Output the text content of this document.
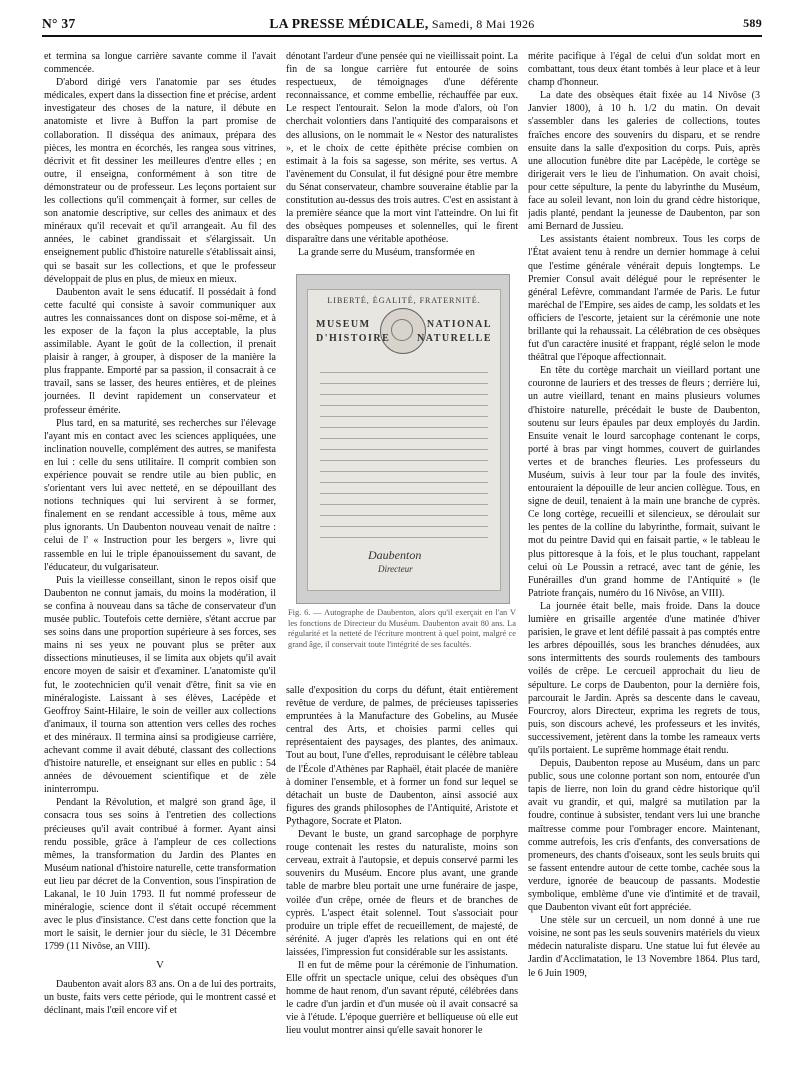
N° 37	LA PRESSE MÉDICALE, Samedi, 8 Mai 1926	589

et termina sa longue carrière savante comme il l'avait commencée.

D'abord dirigé vers l'anatomie par ses études médicales, expert dans la dissection fine et précise, ardent investigateur des choses de la nature, il débute en anatomiste et livre à Buffon la part promise de collaboration. Il disséqua des animaux, prépara des pièces, les montra en écorchés, les rangea sous vitrines, décrivit et fit dessiner les meilleures d'entre elles ; en outre, il enseigna, conformément à son titre de démonstrateur ou de professeur. Les leçons portaient sur les collections qu'il commençait à former, sur celles de son anatomie descriptive, sur celles des animaux et des minéraux qu'il recevait et qu'il arrangeait. Au fil des années, le cabinet grandissait et s'élargissait. Un enseignement public d'histoire naturelle s'établissait ainsi, qui se basait sur les collections, et que le professeur développait de plus en plus, de mieux en mieux.

Daubenton avait le sens éducatif. Il possédait à fond cette faculté qui consiste à savoir communiquer aux autres les connaissances dont on dispose soi-même, et à les exposer de la façon la plus acceptable, la plus assimilable. Ayant le goût de la collection, il prenait plaisir à ranger, à grouper, à disposer de la manière la plus frappante. Emporté par sa passion, il consacrait à ce travail, sans se lasser, des heures entières, et de pleines journées. Il devint rapidement un conservateur et professeur émérite.

Plus tard, en sa maturité, ses recherches sur l'élevage l'ayant mis en contact avec les sciences appliquées, une inclination nouvelle, complément des autres, se manifesta en lui : celle du sens utilitaire. Il comprit combien son expérience pouvait se rendre utile au bien public, en s'orientant vers lui avec netteté, en se dépouillant des notions techniques qui lui servirent à se former, finalement en se rendant accessible à tous, même aux plus ignorants. Un Daubenton nouveau venait de naître : celui de l' « Instruction pour les bergers », livre qui rassemble en lui le triple épanouissement du savant, de l'éducateur, du vulgarisateur.

Puis la vieillesse conseillant, sinon le repos oisif que Daubenton ne connut jamais, du moins la modération, il se confina à nouveau dans sa tâche de conservateur d'un musée public. Toutefois cette dernière, s'étant accrue par ses soins dans une proportion supérieure à ses forces, ses mains ni ses yeux ne pouvant plus se prêter aux dissections minutieuses, il se limita aux objets qu'il avait encore moyen de saisir et d'examiner. L'anatomiste qu'il fut, le zootechnicien qu'il venait d'être, finit sa vie en minéralogiste. Laissant à ses élèves, Lacépède et Geoffroy Saint-Hilaire, le soin de veiller aux collections d'animaux, il tourna son attention vers celles des roches et des minéraux. Il termina ainsi sa prodigieuse carrière, achevant comme il avait débuté, classant des collections d'histoire naturelle, et enseignant sur elles en public : 54 années de dévouement scientifique et de zèle ininterrompu.

Pendant la Révolution, et malgré son grand âge, il consacra tous ses soins à l'entretien des collections précieuses qu'il avait contribué à former. Ayant ainsi rendu possible, grâce à l'ampleur de ces collections mêmes, la transformation du Jardin des Plantes en Muséum national d'histoire naturelle, cette transformation eut lieu par décret de la Convention, sous l'inspiration de Lakanal, le 10 Juin 1793. Il fut nommé professeur de minéralogie, science dont il s'était occupé récemment avec le plus d'insistance. C'est dans cette fonction que la mort le saisit, le dernier jour du siècle, le 31 Décembre 1799 (11 Nivôse, an VIII).

V

Daubenton avait alors 83 ans. On a de lui des portraits, un buste, faits vers cette période, qui le montrent cassé et déclinant, mais l'œil encore vif et

dénotant l'ardeur d'une pensée qui ne vieillissait point. La fin de sa longue carrière fut entourée de soins respectueux, de témoignages d'une déférente reconnaissance, et comme embellie, réchauffée par eux. Le respect l'entourait. Selon la mode d'alors, où l'on cherchait volontiers dans l'antiquité des comparaisons et des allusions, on le nommait le « Nestor des naturalistes », et le choix de cette épithète précise combien on estimait à la fois sa sagesse, son mérite, ses vertus. A l'avènement du Consulat, il fut désigné pour être membre du Sénat conservateur, chambre souveraine établie par la constitution au-dessus des trois autres. C'est en assistant à la première séance que la mort vint l'atteindre. On lui fit des obsèques pompeuses et solennelles, qui le firent disparaître dans une véritable apothéose.

La grande serre du Muséum, transformée en

LIBERTÉ, ÉGALITÉ, FRATERNITÉ.
MUSEUM
D'HISTOIRE
NATIONAL
NATURELLE
Daubenton
Directeur
Fig. 6. — Autographe de Daubenton, alors qu'il exerçait en l'an V les fonctions de Directeur du Muséum. Daubenton avait 80 ans. La régularité et la netteté de l'écriture montrent à quel point, malgré ce grand âge, il conservait toute l'intégrité de ses facultés.

salle d'exposition du corps du défunt, était entièrement revêtue de verdure, de palmes, de précieuses tapisseries empruntées à la Manufacture des Gobelins, au Musée central des Arts, et choisies parmi celles qui représentaient des paysages, des plantes, des animaux. Tout au bout, l'une d'elles, reproduisant le célèbre tableau de l'École d'Athènes par Raphaël, était placée de manière à dominer l'ensemble, et à former un fond sur lequel se détachait un buste de Daubenton, ainsi associé aux figures des grands philosophes de l'Antiquité, Aristote et Pythagore, Socrate et Platon.

Devant le buste, un grand sarcophage de porphyre rouge contenait les restes du naturaliste, moins son cerveau, extrait à l'autopsie, et depuis conservé parmi les souvenirs du Muséum. Encore plus avant, une grande table de marbre bleu portait une urne funéraire de jaspe, voilée d'un crêpe, ornée de fleurs et de branches de cyprès. L'aspect était solennel. Tout s'associait pour produire un triple effet de recueillement, de majesté, de sérénité. A juger d'après les relations qui en ont été laissées, l'impression fut considérable sur les assistants.

Il en fut de même pour la cérémonie de l'inhumation. Elle offrit un spectacle unique, celui des obsèques d'un homme de haut renom, d'un savant réputé, célébrées dans le cadre d'un jardin et d'un musée où il avait consacré sa vie à l'étude. L'époque guerrière et belliqueuse où elle eut lieu voulut montrer ainsi qu'elle savait honorer le

mérite pacifique à l'égal de celui d'un soldat mort en combattant, tous deux étant tombés à leur place et à leur champ d'honneur.

La date des obsèques était fixée au 14 Nivôse (3 Janvier 1800), à 10 h. 1/2 du matin. On devait s'assembler dans les galeries de collections, toutes fraîches encore des souvenirs du disparu, et se rendre ensuite dans la salle d'exposition du corps. Puis, après une allocution funèbre dite par Lacépède, le cortège se dirigerait vers le lieu de l'inhumation. On avait choisi, pour cette sépulture, la pente du labyrinthe du Muséum, face au soleil levant, non loin du grand cèdre historique, jadis planté, pendant la jeunesse de Daubenton, par son ami Bernard de Jussieu.

Les assistants étaient nombreux. Tous les corps de l'État avaient tenu à rendre un dernier hommage à celui que l'estime générale vénérait depuis longtemps. Le Premier Consul avait délégué pour le représenter le général Lefèvre, commandant l'armée de Paris. Le futur maréchal de l'Empire, ses aides de camp, les soldats et les officiers de l'escorte, jetaient sur la cérémonie une note brillante qui la rehaussait. La célébration de ces obsèques fut d'un caractère inusité et frappant, réglé selon le mode théâtral que l'époque affectionnait.

En tête du cortège marchait un vieillard portant une couronne de lauriers et des tresses de fleurs ; derrière lui, un autre vieillard, tenant en mains plusieurs volumes d'histoire naturelle, précédait le buste de Daubenton, soutenu sur leurs épaules par deux employés du Jardin. Ensuite venait le lourd sarcophage contenant le corps, porté à bras par vingt hommes, couvert de guirlandes vertes et de branches fleuries. Les professeurs du Muséum, suivis à leur tour par la foule des invités, entouraient la dépouille de leur ancien collègue. Tous, en signe de deuil, tenaient à la main une branche de cyprès. Ce long cortège, recueilli et silencieux, se déroulait sur les pentes de la colline du labyrinthe, formait, suivant le mot du peintre David qui en faisait partie, « le tableau le plus pittoresque à la fois, et le plus touchant, rappelant celui où Le Poussin a retracé, avec tant de génie, les Funérailles d'un grand homme de l'Antiquité » (le Patriote français, numéro du 16 Nivôse, an VIII).

La journée était belle, mais froide. Dans la douce lumière en grisaille argentée d'une matinée d'hiver parisien, le grave et lent défilé passait à pas comptés entre les arbres dépouillés, sous les branches dénudées, aux sons intermittents des sourds roulements des tambours voilés de crêpe. Le cercueil approchait du lieu de sépulture. Le corps de Daubenton, pour la dernière fois, parcourait le Jardin. Après sa descente dans le caveau, Fourcroy, alors Directeur, exprima les regrets de tous, puis, son discours achevé, les professeurs et les invités, successivement, jetèrent dans la tombe les rameaux verts qu'ils portaient. Le suprême hommage était rendu.

Depuis, Daubenton repose au Muséum, dans un parc public, sous une colonne portant son nom, entourée d'un tapis de lierre, non loin du grand cèdre historique qu'il avait vu grandir, et qui, malgré sa mutilation par la foudre, continue à subsister, tendant vers lui une branche maîtresse comme pour l'ombrager encore. Maintenant, comme autrefois, les cris d'enfants, des conversations de promeneurs, des chants d'oiseaux, sont les seuls bruits qui se fassent entendre autour de cette tombe, cachée sous la verdure, ignorée de beaucoup de passants. Modestie symbolique, emblème d'une vie d'intimité et de travail, que Daubenton vivant eût fort appréciée.

Une stèle sur un cercueil, un nom donné à une rue voisine, ne sont pas les seuls souvenirs matériels du vieux médecin naturaliste disparu. Une statue lui fut élevée au Jardin d'Acclimatation, le 13 Novembre 1864. Plus tard, le 6 Juin 1909,
